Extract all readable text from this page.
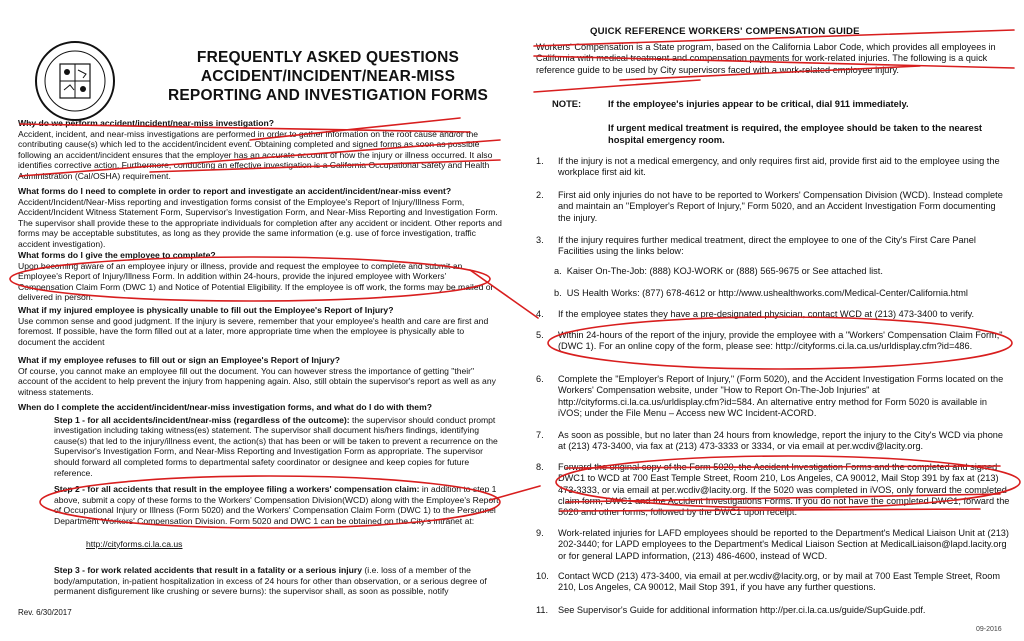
FREQUENTLY ASKED QUESTIONS
ACCIDENT/INCIDENT/NEAR-MISS
REPORTING AND INVESTIGATION FORMS
Why do we perform accident/incident/near-miss investigation?
Accident, incident, and near-miss investigations are performed in order to gather information on the root cause and/or the contributing cause(s) which led to the accident/incident event. Obtaining completed and signed forms as soon as possible following an accident/incident ensures that the employer has an accurate account of how the injury or illness occurred. It also identifies corrective action. Furthermore, conducting an effective investigation is a California Occupational Safety and Health Administration (Cal/OSHA) requirement.
What forms do I need to complete in order to report and investigate an accident/incident/near-miss event?
Accident/Incident/Near-Miss reporting and investigation forms consist of the Employee's Report of Injury/Illness Form, Accident/Incident Witness Statement Form, Supervisor's Investigation Form, and Near-Miss Reporting and Investigation Form. The supervisor shall provide these to the appropriate individuals for completion after any accident or incident. Other reports and forms may be acceptable substitutes, as long as they provide the same information (e.g. use of force investigation, traffic accident investigation).
What forms do I give the employee to complete?
Upon becoming aware of an employee injury or illness, provide and request the employee to complete and submit an Employee's Report of Injury/Illness Form. In addition within 24-hours, provide the injured employee with Workers' Compensation Claim Form (DWC 1) and Notice of Potential Eligibility. If the employee is off work, the forms may be mailed or delivered in person.
What if my injured employee is physically unable to fill out the Employee's Report of Injury?
Use common sense and good judgment. If the injury is severe, remember that your employee's health and care are first and foremost. If possible, have the form filled out at a later, more appropriate time when the employee is physically able to document the accident
What if my employee refuses to fill out or sign an Employee's Report of Injury?
Of course, you cannot make an employee fill out the document. You can however stress the importance of getting "their" account of the accident to help prevent the injury from happening again. Also, still obtain the supervisor's report as well as any witness statements.
When do I complete the accident/incident/near-miss investigation forms, and what do I do with them?
Step 1 - for all accidents/incident/near-miss (regardless of the outcome): the supervisor should conduct prompt investigation including taking witness(es) statement. The supervisor shall document his/hers findings, identifying cause(s) that led to the injury/illness event, the action(s) that has been or will be taken to prevent a recurrence on the Supervisor's Investigation Form, and Near-Miss Reporting and Investigation Form as appropriate. The supervisor should forward all completed forms to departmental safety coordinator or designee and keep copies for future reference.
Step 2 - for all accidents that result in the employee filing a workers' compensation claim: in addition to step 1 above, submit a copy of these forms to the Workers' Compensation Division(WCD) along with the Employee's Report of Occupational Injury or Illness (Form 5020) and the Workers' Compensation Claim Form (DWC 1) to the Personnel Department Workers' Compensation Division. Form 5020 and DWC 1 can be obtained on the City's intranet at:
http://cityforms.ci.la.ca.us
Step 3 - for work related accidents that result in a fatality or a serious injury (i.e. loss of a member of the body/amputation, in-patient hospitalization in excess of 24 hours for other than observation, or a serious degree of permanent disfigurement like crushing or severe burns): the supervisor shall, as soon as possible, notify
Rev. 6/30/2017
QUICK REFERENCE WORKERS' COMPENSATION GUIDE
Workers' Compensation is a State program, based on the California Labor Code, which provides all employees in California with medical treatment and compensation payments for work-related injuries. The following is a quick reference guide to be used by City supervisors faced with a work-related employee injury.
NOTE:	If the employee's injuries appear to be critical, dial 911 immediately.
If urgent medical treatment is required, the employee should be taken to the nearest hospital emergency room.
1.	If the injury is not a medical emergency, and only requires first aid, provide first aid to the employee using the workplace first aid kit.
2.	First aid only injuries do not have to be reported to Workers' Compensation Division (WCD). Instead complete and maintain an "Employer's Report of Injury," Form 5020, and an Accident Investigation Form documenting the injury.
3.	If the injury requires further medical treatment, direct the employee to one of the City's First Care Panel Facilities using the links below:
a. Kaiser On-The-Job: (888) KOJ-WORK or (888) 565-9675 or See attached list.
b. US Health Works: (877) 678-4612 or http://www.ushealthworks.com/Medical-Center/California.html
4.	If the employee states they have a pre-designated physician, contact WCD at (213) 473-3400 to verify.
5.	Within 24-hours of the report of the injury, provide the employee with a "Workers' Compensation Claim Form," (DWC 1). For an online copy of the form, please see: http://cityforms.ci.la.ca.us/urldisplay.cfm?id=486.
6.	Complete the "Employer's Report of Injury," (Form 5020), and the Accident Investigation Forms located on the Workers' Compensation website, under "How to Report On-The-Job Injuries" at http://cityforms.ci.la.ca.us/urldisplay.cfm?id=584. An alternative entry method for Form 5020 is available in iVOS; under the File Menu – Access new WC Incident-ACORD.
7.	As soon as possible, but no later than 24 hours from knowledge, report the injury to the City's WCD via phone at (213) 473-3400, via fax at (213) 473-3333 or 3334, or via email at per.wcdiv@lacity.org.
8.	Forward the original copy of the Form 5020, the Accident Investigation Forms and the completed and signed DWC1 to WCD at 700 East Temple Street, Room 210, Los Angeles, CA 90012, Mail Stop 391 by fax at (213) 473-3333, or via email at per.wcdiv@lacity.org. If the 5020 was completed in iVOS, only forward the completed claim form, DWC1 and the Accident Investigations Forms. If you do not have the completed DWC1, forward the 5020 and other forms, followed by the DWC1 upon receipt.
9.	Work-related injuries for LAFD employees should be reported to the Department's Medical Liaison Unit at (213) 202-3440; for LAPD employees to the Department's Medical Liaison Section at MedicalLiaison@lapd.lacity.org or for general LAPD information, (213) 486-4600, instead of WCD.
10.	Contact WCD (213) 473-3400, via email at per.wcdiv@lacity.org, or by mail at 700 East Temple Street, Room 210, Los Angeles, CA 90012, Mail Stop 391, if you have any further questions.
11.	See Supervisor's Guide for additional information http://per.ci.la.ca.us/guide/SupGuide.pdf.
09-2016
